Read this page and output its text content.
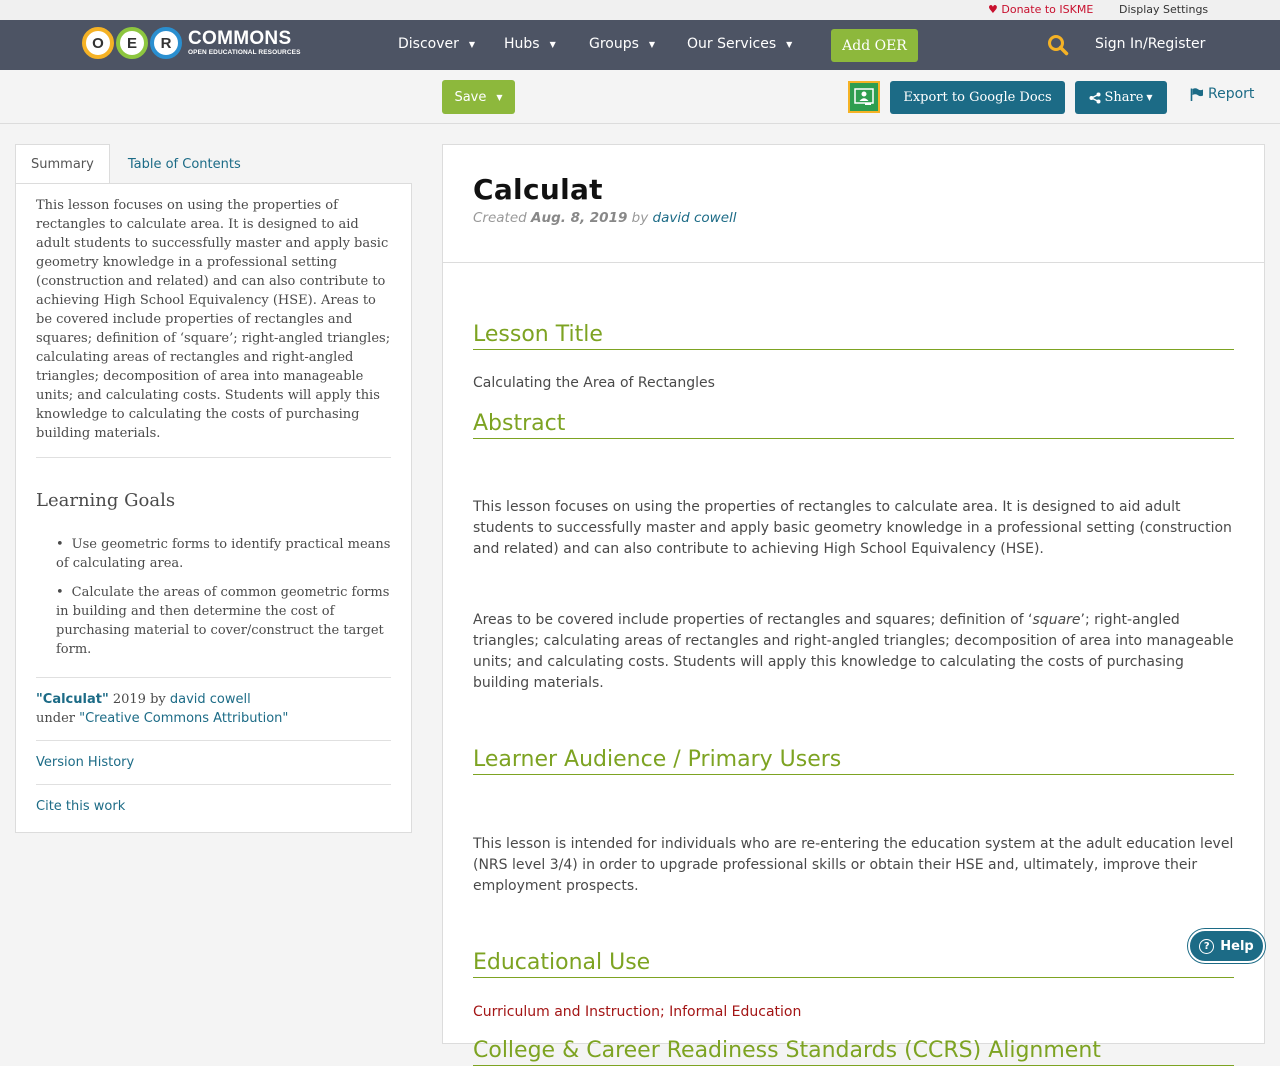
♥ Donate to ISKME Display Settings
O	E	R COMMONS
OPEN EDUCATIONAL RESOURCES
Discover ▼ Hubs ▼ Groups ▼ Our Services ▼	Add OER	Sign In/Register
Save ▼	Export to Google Docs	Share ▼	Report
Summary	Table of Contents
This lesson focuses on using the properties of rectangles to calculate area. It is designed to aid adult students to successfully master and apply basic geometry knowledge in a professional setting (construction and related) and can also contribute to achieving High School Equivalency (HSE). Areas to be covered include properties of rectangles and squares; definition of ‘square’; right-angled triangles; calculating areas of rectangles and right-angled triangles; decomposition of area into manageable units; and calculating costs. Students will apply this knowledge to calculating the costs of purchasing building materials.
Learning Goals
• Use geometric forms to identify practical means of calculating area.
• Calculate the areas of common geometric forms in building and then determine the cost of purchasing material to cover/construct the target form.
"Calculat" 2019 by david cowell
under "Creative Commons Attribution"
Version History
Cite this work
Calculat
Created Aug. 8, 2019 by david cowell
Lesson Title
Calculating the Area of Rectangles
Abstract
This lesson focuses on using the properties of rectangles to calculate area. It is designed to aid adult students to successfully master and apply basic geometry knowledge in a professional setting (construction and related) and can also contribute to achieving High School Equivalency (HSE).
Areas to be covered include properties of rectangles and squares; definition of ‘square’; right-angled triangles; calculating areas of rectangles and right-angled triangles; decomposition of area into manageable units; and calculating costs. Students will apply this knowledge to calculating the costs of purchasing building materials.
Learner Audience / Primary Users
This lesson is intended for individuals who are re-entering the education system at the adult education level (NRS level 3/4) in order to upgrade professional skills or obtain their HSE and, ultimately, improve their employment prospects.
Educational Use
Curriculum and Instruction; Informal Education
College & Career Readiness Standards (CCRS) Alignment
? Help
